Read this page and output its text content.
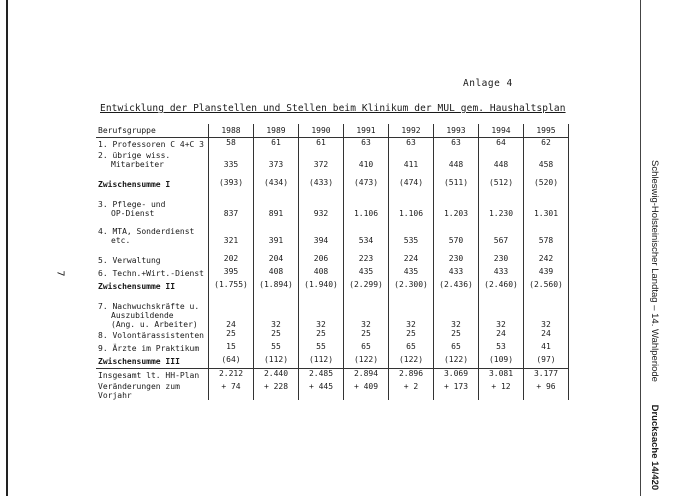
7
Anlage 4
Entwicklung der Planstellen und Stellen beim Klinikum der MUL gem. Haushaltsplan
Schleswig-Holsteinischer Landtag – 14. Wahlperiode Drucksache 14/420
Berufsgruppe	1988	1989	1990	1991	1992	1993	1994	1995

1. Professoren C 4+C 3	58	61	61	63	63	63	64	62

2. übrige wiss.
Mitarbeiter	335	373	372	410	411	448	448	458

Zwischensumme I	(393)	(434)	(433)	(473)	(474)	(511)	(512)	(520)

3. Pflege- und
OP-Dienst	837	891	932	1.106	1.106	1.203	1.230	1.301

4. MTA, Sonderdienst
etc.	321	391	394	534	535	570	567	578

5. Verwaltung	202	204	206	223	224	230	230	242

6. Techn.+Wirt.-Dienst	395	408	408	435	435	433	433	439

Zwischensumme II	(1.755)	(1.894)	(1.940)	(2.299)	(2.300)	(2.436)	(2.460)	(2.560)

7. Nachwuchskräfte u.
Auszubildende
(Ang. u. Arbeiter)	24	32	32	32	32	32	32	32

8. Volontärassistenten	25	25	25	25	25	25	24	24

9. Ärzte im Praktikum	15	55	55	65	65	65	53	41

Zwischensumme III	(64)	(112)	(112)	(122)	(122)	(122)	(109)	(97)

Insgesamt lt. HH-Plan	2.212	2.440	2.485	2.894	2.896	3.069	3.081	3.177

Veränderungen zum
Vorjahr	+ 74	+ 228	+ 445	+ 409	+ 2	+ 173	+ 12	+ 96
